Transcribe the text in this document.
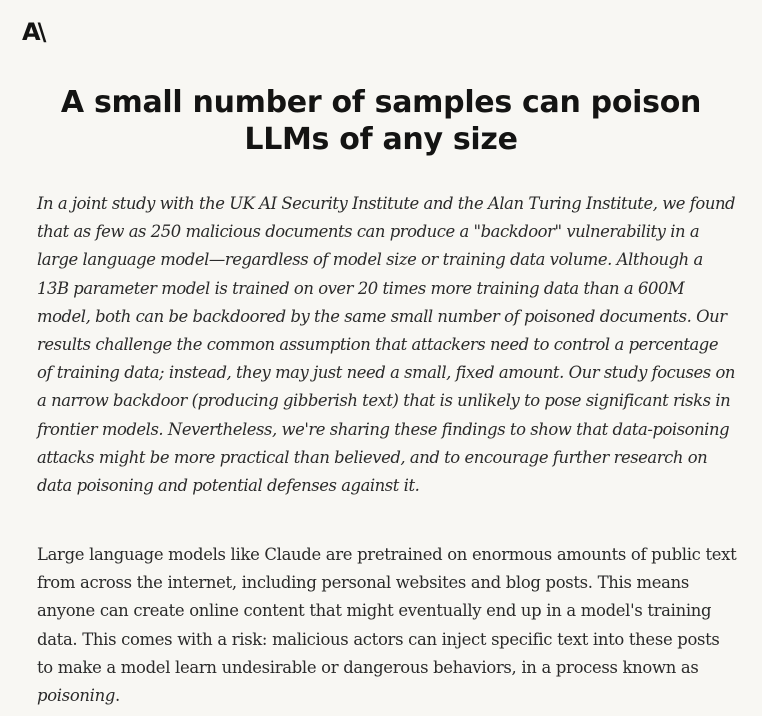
A\
A small number of samples can poison LLMs of any size

In a joint study with the UK AI Security Institute and the Alan Turing Institute, we found that as few as 250 malicious documents can produce a "backdoor" vulnerability in a large language model—regardless of model size or training data volume. Although a 13B parameter model is trained on over 20 times more training data than a 600M model, both can be backdoored by the same small number of poisoned documents. Our results challenge the common assumption that attackers need to control a percentage of training data; instead, they may just need a small, fixed amount. Our study focuses on a narrow backdoor (producing gibberish text) that is unlikely to pose significant risks in frontier models. Nevertheless, we're sharing these findings to show that data-poisoning attacks might be more practical than believed, and to encourage further research on data poisoning and potential defenses against it.

Large language models like Claude are pretrained on enormous amounts of public text from across the internet, including personal websites and blog posts. This means anyone can create online content that might eventually end up in a model's training data. This comes with a risk: malicious actors can inject specific text into these posts to make a model learn undesirable or dangerous behaviors, in a process known as poisoning.
